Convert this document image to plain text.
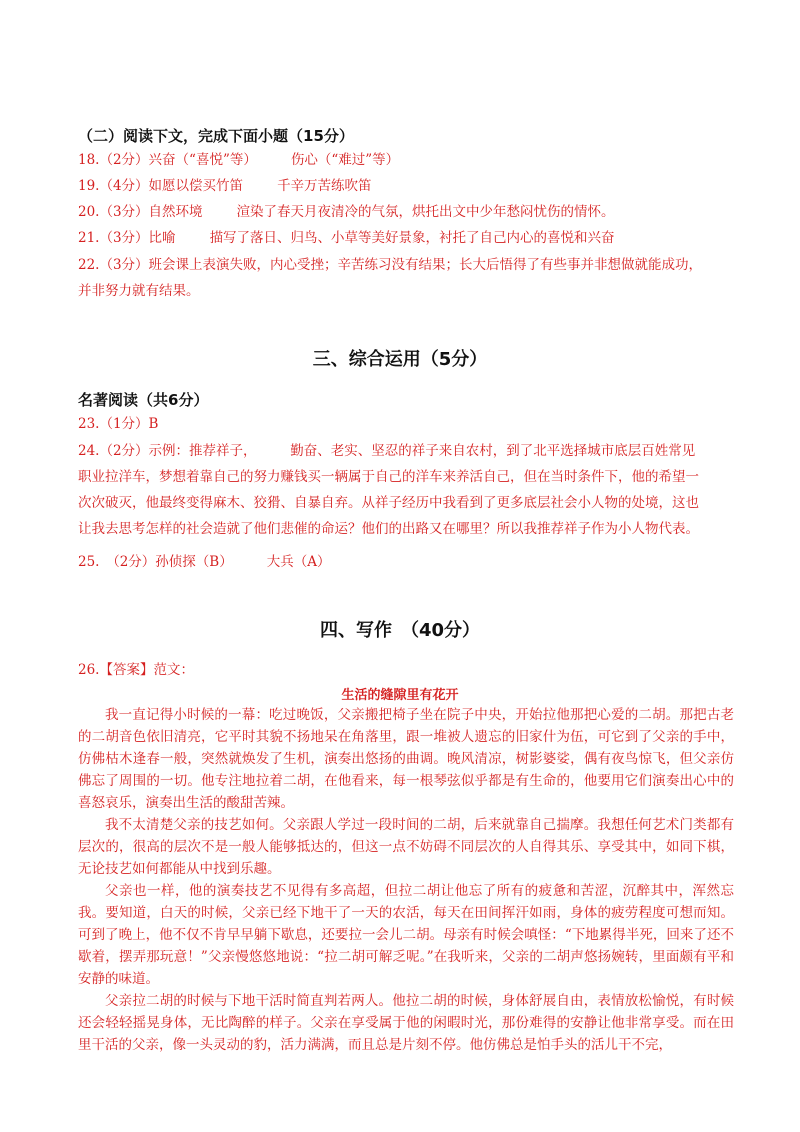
（二）阅读下文，完成下面小题（15分）
18.（2分）兴奋（“喜悦”等）	伤心（“难过”等）
19.（4分）如愿以偿买竹笛	千辛万苦练吹笛
20.（3分）自然环境	渲染了春天月夜清冷的气氛，烘托出文中少年愁闷忧伤的情怀。
21.（3分）比喻	描写了落日、归鸟、小草等美好景象，衬托了自己内心的喜悦和兴奋
22.（3分）班会课上表演失败，内心受挫；辛苦练习没有结果；长大后悟得了有些事并非想做就能成功，
并非努力就有结果。
三、综合运用（5分）
名著阅读（共6分）
23.（1分）B
24.（2分）示例：推荐祥子，　　　勤奋、老实、坚忍的祥子来自农村，到了北平选择城市底层百姓常见
职业拉洋车，梦想着靠自己的努力赚钱买一辆属于自己的洋车来养活自己，但在当时条件下，他的希望一
次次破灭，他最终变得麻木、狡猾、自暴自弃。从祥子经历中我看到了更多底层社会小人物的处境，这也
让我去思考怎样的社会造就了他们悲催的命运？他们的出路又在哪里？所以我推荐祥子作为小人物代表。
25.　（2分）孙侦探（B）	大兵（A）
四、写作　（40分）
26.【答案】范文：
生活的缝隙里有花开

我一直记得小时候的一幕：吃过晚饭，父亲搬把椅子坐在院子中央，开始拉他那把心爱的二胡。那把古老的二胡音色依旧清亮，它平时其貌不扬地呆在角落里，跟一堆被人遗忘的旧家什为伍，可它到了父亲的手中，仿佛枯木逢春一般，突然就焕发了生机，演奏出悠扬的曲调。晚风清凉，树影婆娑，偶有夜鸟惊飞，但父亲仿佛忘了周围的一切。他专注地拉着二胡，在他看来，每一根琴弦似乎都是有生命的，他要用它们演奏出心中的喜怒哀乐，演奏出生活的酸甜苦辣。

我不太清楚父亲的技艺如何。父亲跟人学过一段时间的二胡，后来就靠自己揣摩。我想任何艺术门类都有层次的，很高的层次不是一般人能够抵达的，但这一点不妨碍不同层次的人自得其乐、享受其中，如同下棋，无论技艺如何都能从中找到乐趣。

父亲也一样，他的演奏技艺不见得有多高超，但拉二胡让他忘了所有的疲惫和苦涩，沉醉其中，浑然忘我。要知道，白天的时候，父亲已经下地干了一天的农活，每天在田间挥汗如雨，身体的疲劳程度可想而知。可到了晚上，他不仅不肯早早躺下歇息，还要拉一会儿二胡。母亲有时候会嗔怪：“下地累得半死，回来了还不歇着，摆弄那玩意！”父亲慢悠悠地说：“拉二胡可解乏呢。”在我听来，父亲的二胡声悠扬婉转，里面颇有平和安静的味道。

父亲拉二胡的时候与下地干活时简直判若两人。他拉二胡的时候，身体舒展自由，表情放松愉悦，有时候还会轻轻摇晃身体，无比陶醉的样子。父亲在享受属于他的闲暇时光，那份难得的安静让他非常享受。而在田里干活的父亲，像一头灵动的豹，活力满满，而且总是片刻不停。他仿佛总是怕手头的活儿干不完，
